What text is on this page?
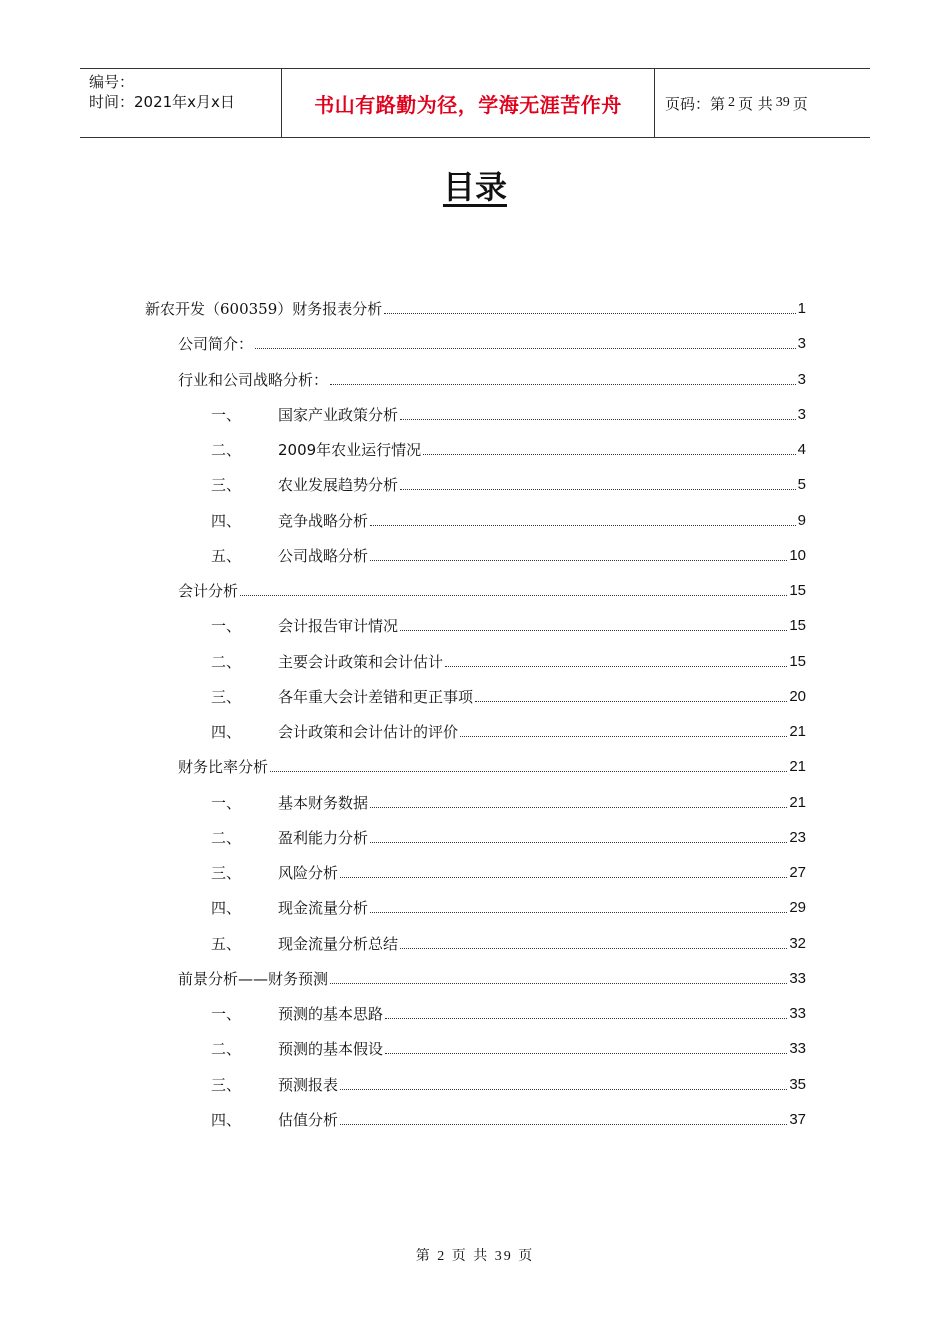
编号：
时间：2021年x月x日	书山有路勤为径，学海无涯苦作舟	页码：第 2 页 共 39 页
目录
新农开发（600359）财务报表分析	1
公司简介：	3
行业和公司战略分析：	3
一、 国家产业政策分析	3
二、 2009年农业运行情况	4
三、 农业发展趋势分析	5
四、 竞争战略分析	9
五、 公司战略分析	10
会计分析	15
一、 会计报告审计情况	15
二、 主要会计政策和会计估计	15
三、 各年重大会计差错和更正事项	20
四、 会计政策和会计估计的评价	21
财务比率分析	21
一、 基本财务数据	21
二、 盈利能力分析	23
三、 风险分析	27
四、 现金流量分析	29
五、 现金流量分析总结	32
前景分析——财务预测	33
一、 预测的基本思路	33
二、 预测的基本假设	33
三、 预测报表	35
四、 估值分析	37
第 2 页 共 39 页
